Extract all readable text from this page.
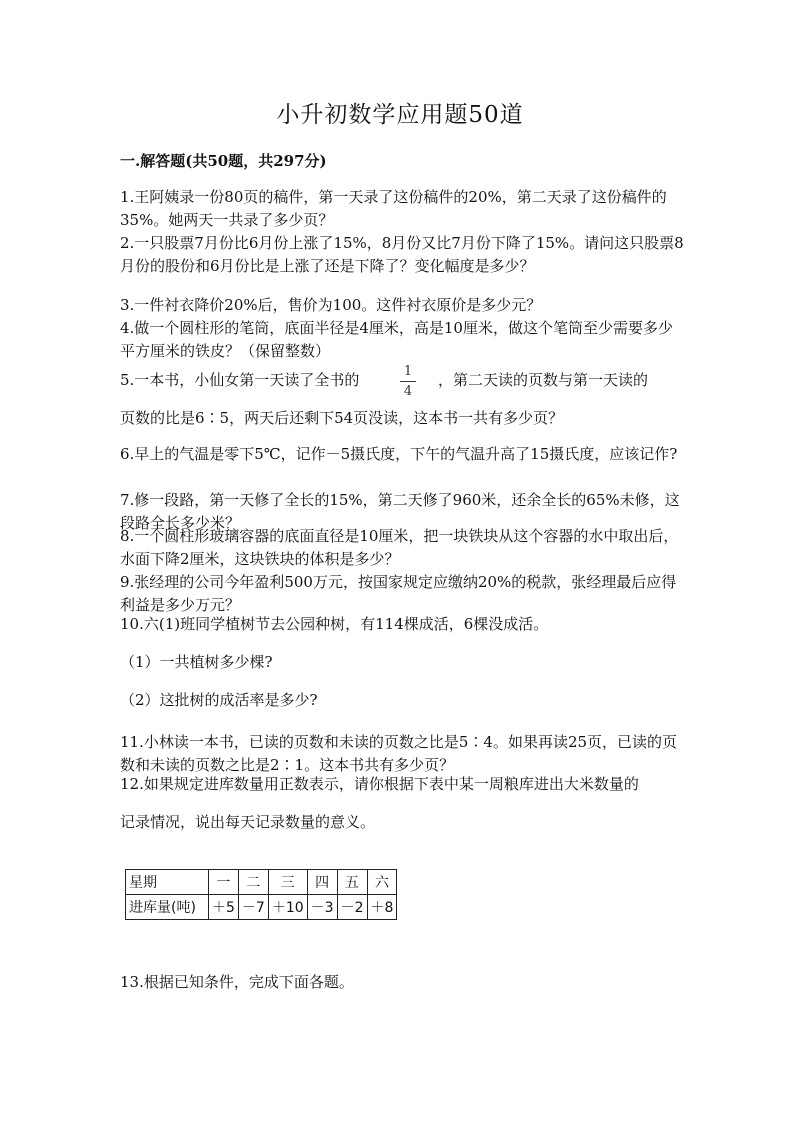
小升初数学应用题50道
一.解答题(共50题，共297分)
1.王阿姨录一份80页的稿件，第一天录了这份稿件的20%，第二天录了这份稿件的35%。她两天一共录了多少页？
2.一只股票7月份比6月份上涨了15%，8月份又比7月份下降了15%。请问这只股票8月份的股份和6月份比是上涨了还是下降了？变化幅度是多少？
3.一件衬衣降价20%后，售价为100。这件衬衣原价是多少元？
4.做一个圆柱形的笔筒，底面半径是4厘米，高是10厘米，做这个笔筒至少需要多少平方厘米的铁皮？（保留整数）
5.一本书，小仙女第一天读了全书的	1
4
，第二天读的页数与第一天读的
页数的比是6∶5，两天后还剩下54页没读，这本书一共有多少页？
6.早上的气温是零下5℃，记作－5摄氏度，下午的气温升高了15摄氏度，应该记作?
7.修一段路，第一天修了全长的15%，第二天修了960米，还余全长的65%未修，这段路全长多少米？
8.一个圆柱形玻璃容器的底面直径是10厘米，把一块铁块从这个容器的水中取出后，水面下降2厘米，这块铁块的体积是多少？
9.张经理的公司今年盈利500万元，按国家规定应缴纳20%的税款，张经理最后应得利益是多少万元？
10.六(1)班同学植树节去公园种树，有114棵成活，6棵没成活。
（1）一共植树多少棵?
（2）这批树的成活率是多少?
11.小林读一本书，已读的页数和未读的页数之比是5∶4。如果再读25页，已读的页数和未读的页数之比是2∶1。这本书共有多少页？
12.如果规定进库数量用正数表示，请你根据下表中某一周粮库进出大米数量的
记录情况，说出每天记录数量的意义。
星期	一	二	三	四	五	六
进库量(吨)	＋5	－7	＋10	－3	－2	＋8
13.根据已知条件，完成下面各题。
